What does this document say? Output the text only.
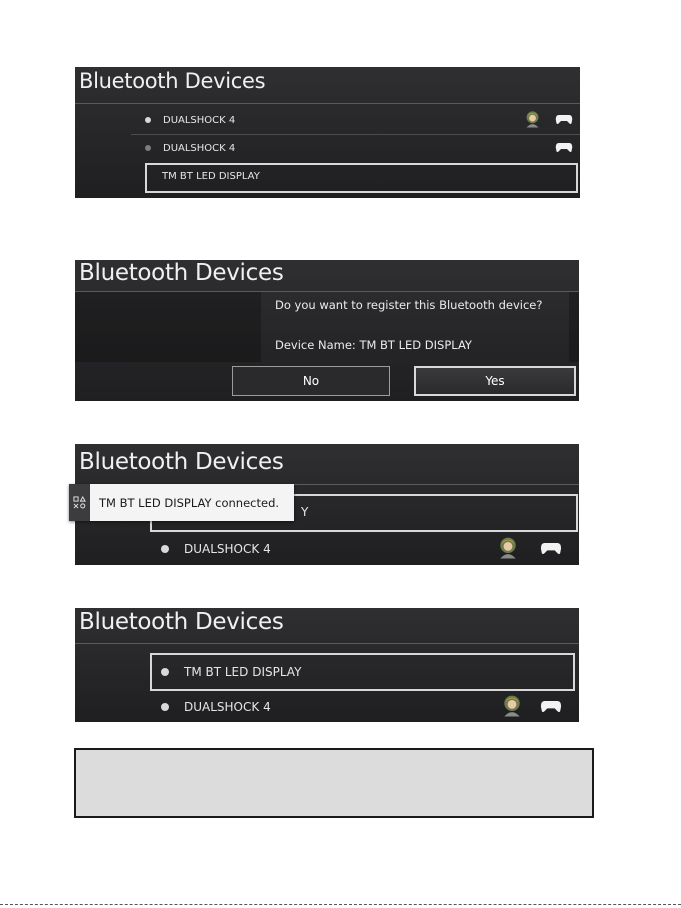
Bluetooth Devices
DUALSHOCK 4
DUALSHOCK 4
TM BT LED DISPLAY
Bluetooth Devices
Do you want to register this Bluetooth device?
Device Name: TM BT LED DISPLAY
No	Yes
Bluetooth Devices
Y
DUALSHOCK 4
TM BT LED DISPLAY connected.
Bluetooth Devices
TM BT LED DISPLAY
DUALSHOCK 4
